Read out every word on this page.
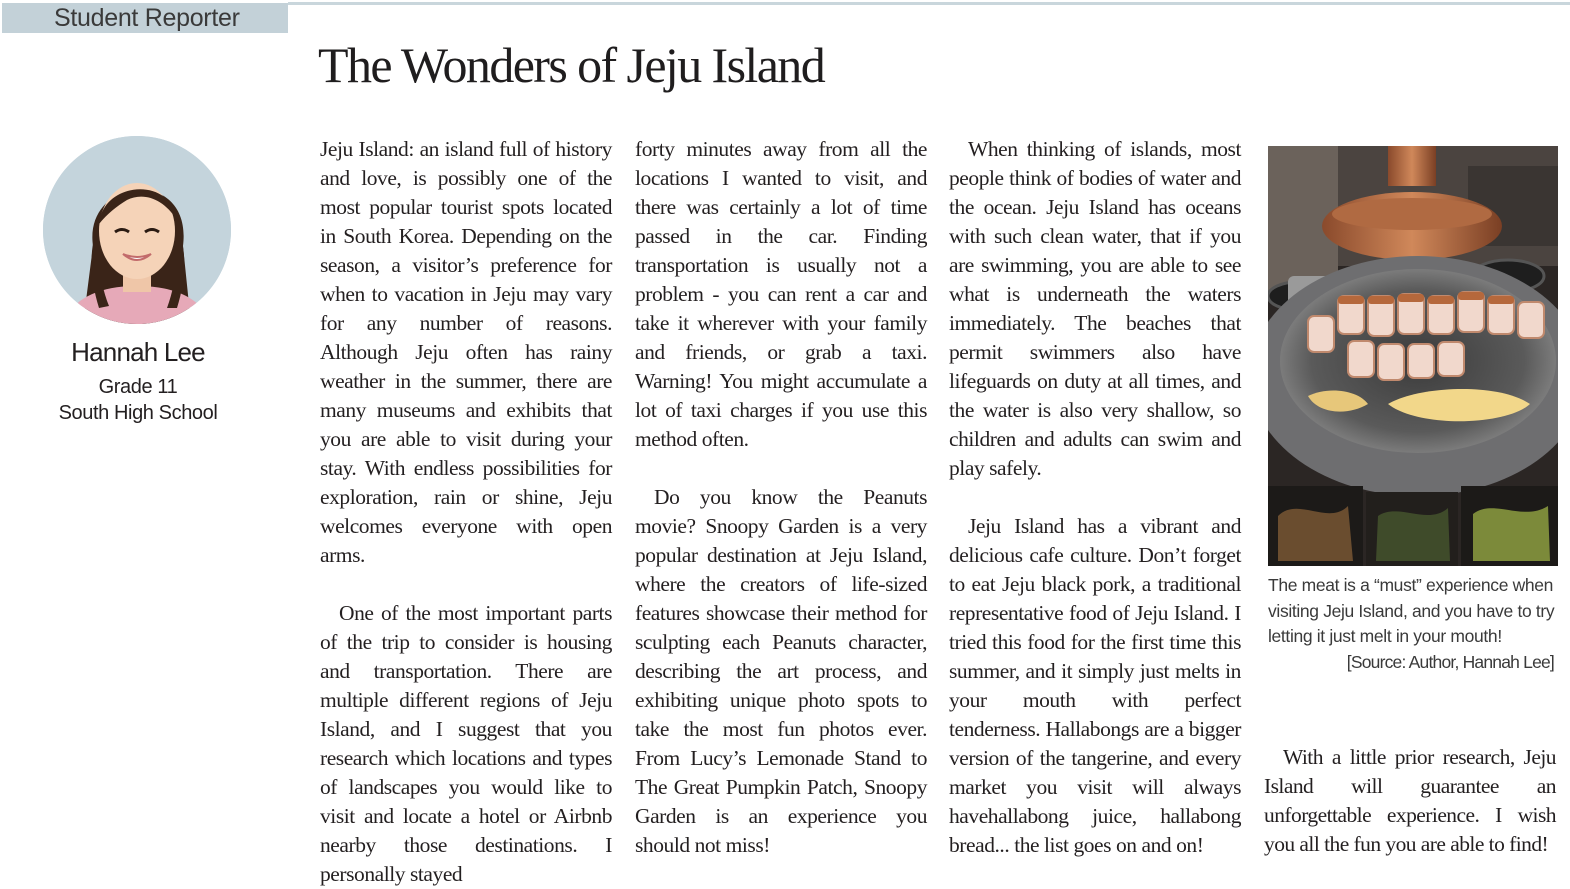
Student Reporter
The Wonders of Jeju Island
Hannah Lee
Grade 11
South High School

Jeju Island: an island full of history and love, is possibly one of the most popular tourist spots located in South Korea. Depending on the season, a visitor’s preference for when to vacation in Jeju may vary for any number of reasons. Although Jeju often has rainy weather in the summer, there are many museums and exhibits that you are able to visit during your stay. With endless possibilities for exploration, rain or shine, Jeju welcomes everyone with open arms.

One of the most important parts of the trip to consider is housing and transportation. There are multiple different regions of Jeju Island, and I suggest that you research which locations and types of landscapes you would like to visit and locate a hotel or Airbnb nearby those destinations. I personally stayed

forty minutes away from all the locations I wanted to visit, and there was certainly a lot of time passed in the car. Finding transportation is usually not a problem - you can rent a car and take it wherever with your family and friends, or grab a taxi. Warning! You might accumulate a lot of taxi charges if you use this method often.

Do you know the Peanuts movie? Snoopy Garden is a very popular destination at Jeju Island, where the creators of life-sized features showcase their method for sculpting each Peanuts character, describing the art process, and exhibiting unique photo spots to take the most fun photos ever. From Lucy’s Lemonade Stand to The Great Pumpkin Patch, Snoopy Garden is an experience you should not miss!

When thinking of islands, most people think of bodies of water and the ocean. Jeju Island has oceans with such clean water, that if you are swimming, you are able to see what is underneath the waters immediately. The beaches that permit swimmers also have lifeguards on duty at all times, and the water is also very shallow, so children and adults can swim and play safely.

Jeju Island has a vibrant and delicious cafe culture. Don’t forget to eat Jeju black pork, a traditional representative food of Jeju Island. I tried this food for the first time this summer, and it simply just melts in your mouth with perfect tenderness. Hallabongs are a bigger version of the tangerine, and every market you visit will always havehallabong juice, hallabong bread... the list goes on and on!

The meat is a “must” experience when visiting Jeju Island, and you have to try letting it just melt in your mouth!

[Source: Author, Hannah Lee]

With a little prior research, Jeju Island will guarantee an unforgettable experience. I wish you all the fun you are able to find!
